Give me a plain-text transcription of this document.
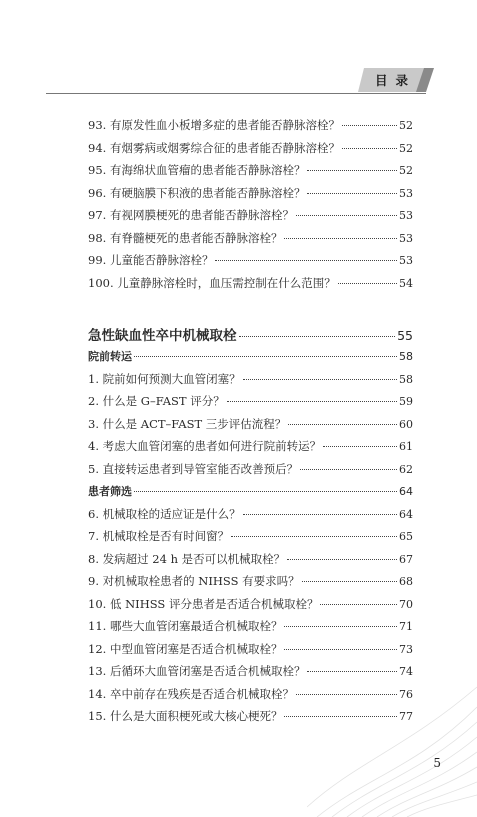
目录
93. 有原发性血小板增多症的患者能否静脉溶栓？	52
94. 有烟雾病或烟雾综合征的患者能否静脉溶栓？	52
95. 有海绵状血管瘤的患者能否静脉溶栓？	52
96. 有硬脑膜下积液的患者能否静脉溶栓？	53
97. 有视网膜梗死的患者能否静脉溶栓？	53
98. 有脊髓梗死的患者能否静脉溶栓？	53
99. 儿童能否静脉溶栓？	53
100. 儿童静脉溶栓时，血压需控制在什么范围？	54
急性缺血性卒中机械取栓	55
院前转运	58
1. 院前如何预测大血管闭塞？	58
2. 什么是 G–FAST 评分？	59
3. 什么是 ACT–FAST 三步评估流程？	60
4. 考虑大血管闭塞的患者如何进行院前转运？	61
5. 直接转运患者到导管室能否改善预后？	62
患者筛选	64
6. 机械取栓的适应证是什么？	64
7. 机械取栓是否有时间窗？	65
8. 发病超过 24 h 是否可以机械取栓？	67
9. 对机械取栓患者的 NIHSS 有要求吗？	68
10. 低 NIHSS 评分患者是否适合机械取栓？	70
11. 哪些大血管闭塞最适合机械取栓？	71
12. 中型血管闭塞是否适合机械取栓？	73
13. 后循环大血管闭塞是否适合机械取栓？	74
14. 卒中前存在残疾是否适合机械取栓？	76
15. 什么是大面积梗死或大核心梗死？	77
5
